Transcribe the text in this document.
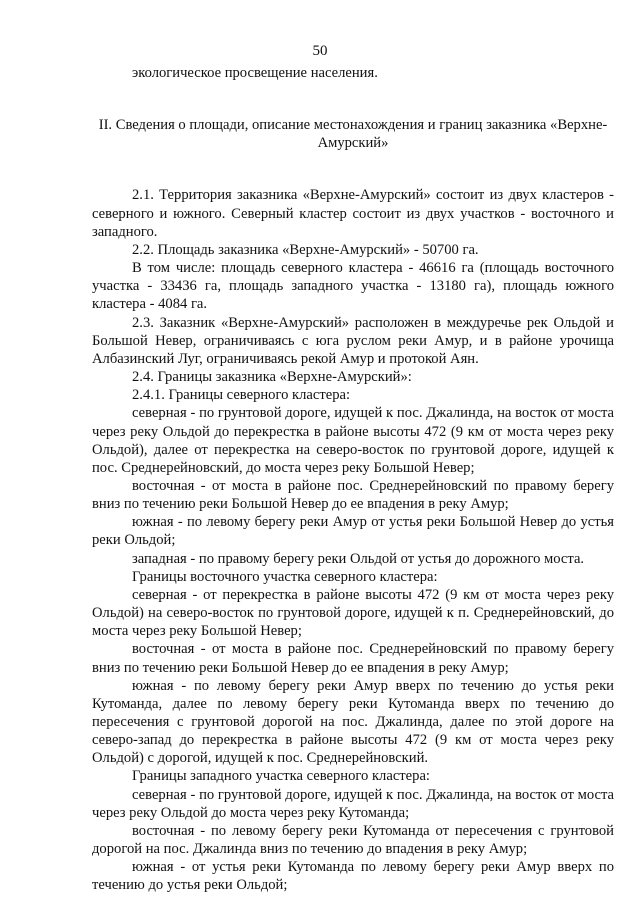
50

экологическое просвещение населения.

II. Сведения о площади, описание местонахождения и границ заказника «Верхне-Амурский»

2.1. Территория заказника «Верхне-Амурский» состоит из двух кластеров - северного и южного. Северный кластер состоит из двух участков - восточного и западного.

2.2. Площадь заказника «Верхне-Амурский» - 50700 га.

В том числе: площадь северного кластера - 46616 га (площадь восточного участка - 33436 га, площадь западного участка - 13180 га), площадь южного кластера - 4084 га.

2.3. Заказник «Верхне-Амурский» расположен в междуречье рек Ольдой и Большой Невер, ограничиваясь с юга руслом реки Амур, и в районе урочища Албазинский Луг, ограничиваясь рекой Амур и протокой Аян.

2.4. Границы заказника «Верхне-Амурский»:

2.4.1. Границы северного кластера:

северная - по грунтовой дороге, идущей к пос. Джалинда, на восток от моста через реку Ольдой до перекрестка в районе высоты 472 (9 км от моста через реку Ольдой), далее от перекрестка на северо-восток по грунтовой дороге, идущей к пос. Среднерейновский, до моста через реку Большой Невер;

восточная - от моста в районе пос. Среднерейновский по правому берегу вниз по течению реки Большой Невер до ее впадения в реку Амур;

южная - по левому берегу реки Амур от устья реки Большой Невер до устья реки Ольдой;

западная - по правому берегу реки Ольдой от устья до дорожного моста.

Границы восточного участка северного кластера:

северная - от перекрестка в районе высоты 472 (9 км от моста через реку Ольдой) на северо-восток по грунтовой дороге, идущей к п. Среднерейновский, до моста через реку Большой Невер;

восточная - от моста в районе пос. Среднерейновский по правому берегу вниз по течению реки Большой Невер до ее впадения в реку Амур;

южная - по левому берегу реки Амур вверх по течению до устья реки Кутоманда, далее по левому берегу реки Кутоманда вверх по течению до пересечения с грунтовой дорогой на пос. Джалинда, далее по этой дороге на северо-запад до перекрестка в районе высоты 472 (9 км от моста через реку Ольдой) с дорогой, идущей к пос. Среднерейновский.

Границы западного участка северного кластера:

северная - по грунтовой дороге, идущей к пос. Джалинда, на восток от моста через реку Ольдой до моста через реку Кутоманда;

восточная - по левому берегу реки Кутоманда от пересечения с грунтовой дорогой на пос. Джалинда вниз по течению до впадения в реку Амур;

южная - от устья реки Кутоманда по левому берегу реки Амур вверх по течению до устья реки Ольдой;
